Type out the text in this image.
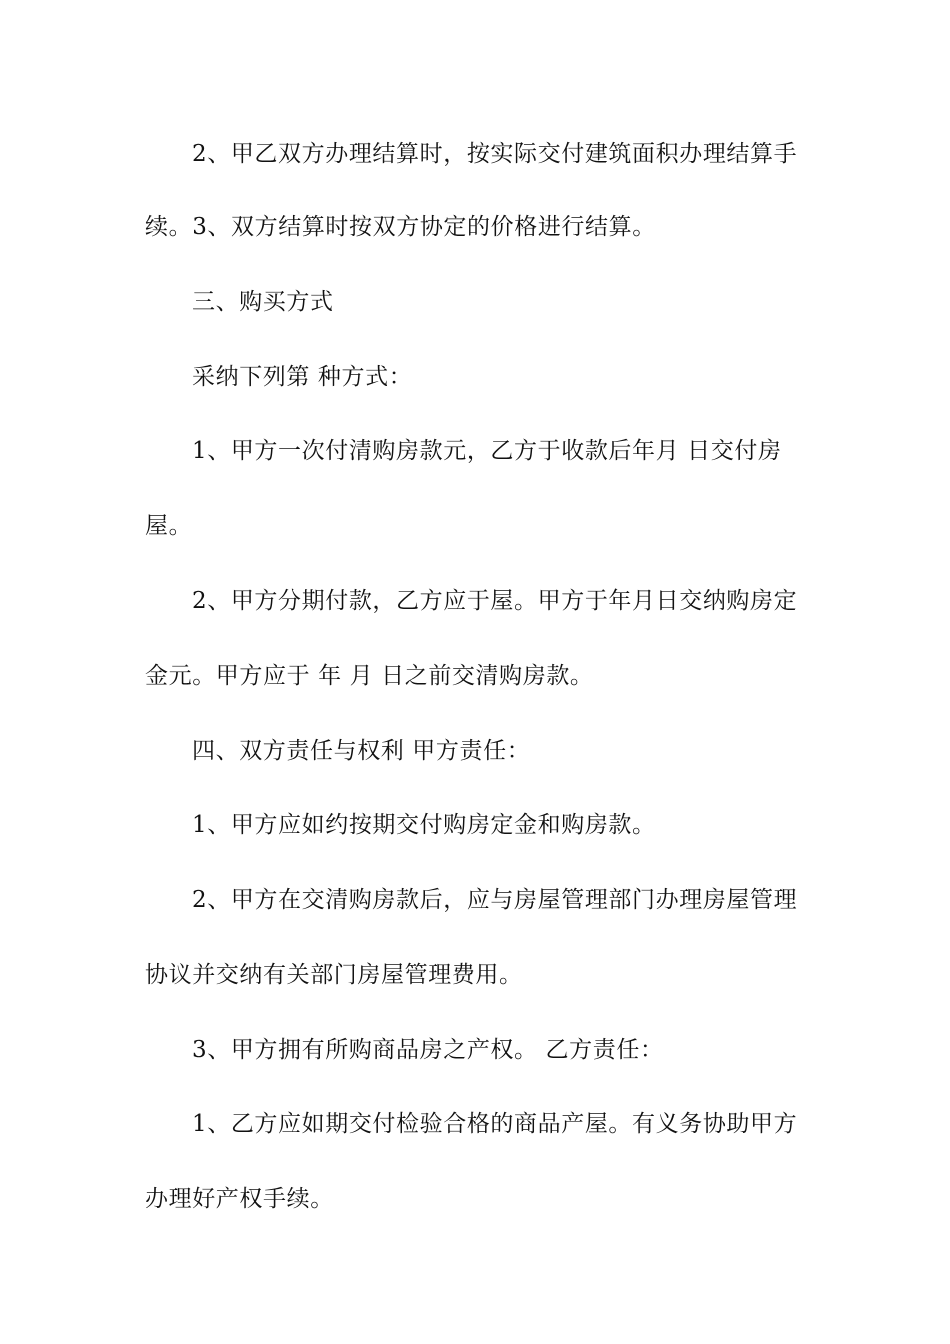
2、甲乙双方办理结算时，按实际交付建筑面积办理结算手
续。3、双方结算时按双方协定的价格进行结算。
三、购买方式
采纳下列第 种方式：
1、甲方一次付清购房款元，乙方于收款后年月 日交付房
屋。
2、甲方分期付款，乙方应于屋。甲方于年月日交纳购房定
金元。甲方应于 年 月 日之前交清购房款。
四、双方责任与权利 甲方责任：
1、甲方应如约按期交付购房定金和购房款。
2、甲方在交清购房款后，应与房屋管理部门办理房屋管理
协议并交纳有关部门房屋管理费用。
3、甲方拥有所购商品房之产权。 乙方责任：
1、乙方应如期交付检验合格的商品产屋。有义务协助甲方
办理好产权手续。
